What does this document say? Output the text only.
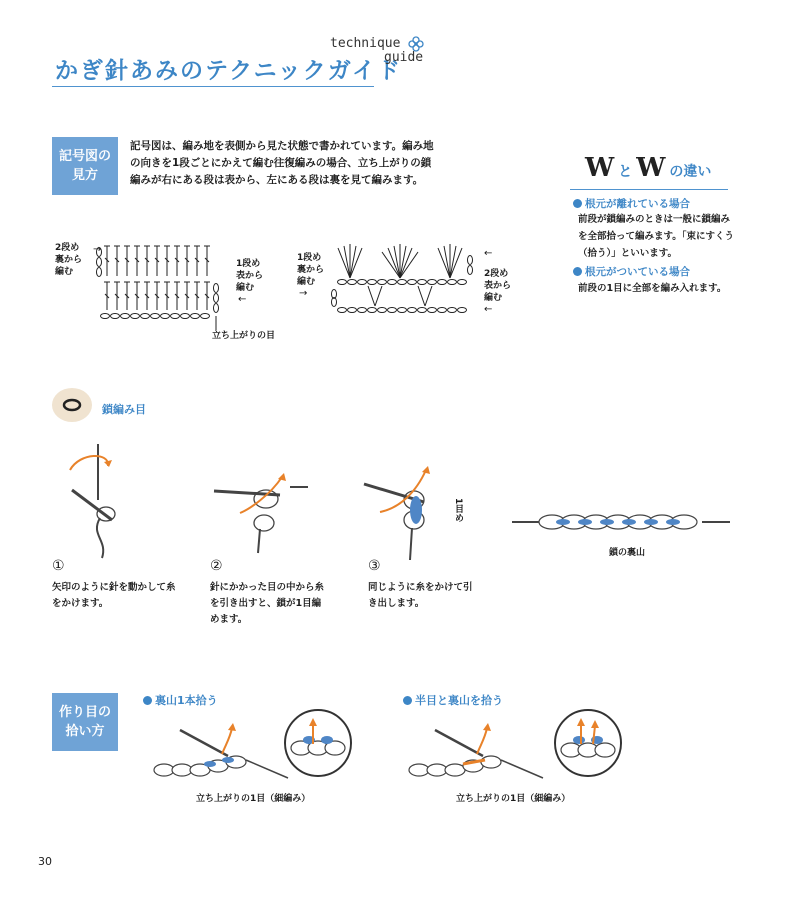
かぎ針あみのテクニックガイド
technique
guide
記号図の
見方
記号図は、編み地を表側から見た状態で書かれています。編み地の向きを1段ごとにかえて編む往復編みの場合、立ち上がりの鎖編みが右にある段は表から、左にある段は裏を見て編みます。
2段め
裏から
編む
→
1段め
表から
編む
←
立ち上がりの目
1段め
裏から
編む
→
←
2段め
表から
編む
←
W と W の違い
根元が離れている場合
前段が鎖編みのときは一般に鎖編みを全部拾って編みます。「束にすくう（拾う）」といいます。
根元がついている場合
前段の1目に全部を編み入れます。
鎖編み目
1目め
鎖の裏山
①
矢印のように針を動かして糸をかけます。
②
針にかかった目の中から糸を引き出すと、鎖が1目編めます。
③
同じように糸をかけて引き出します。
作り目の
拾い方
裏山1本拾う
立ち上がりの1目（細編み）
半目と裏山を拾う
立ち上がりの1目（細編み）
30
